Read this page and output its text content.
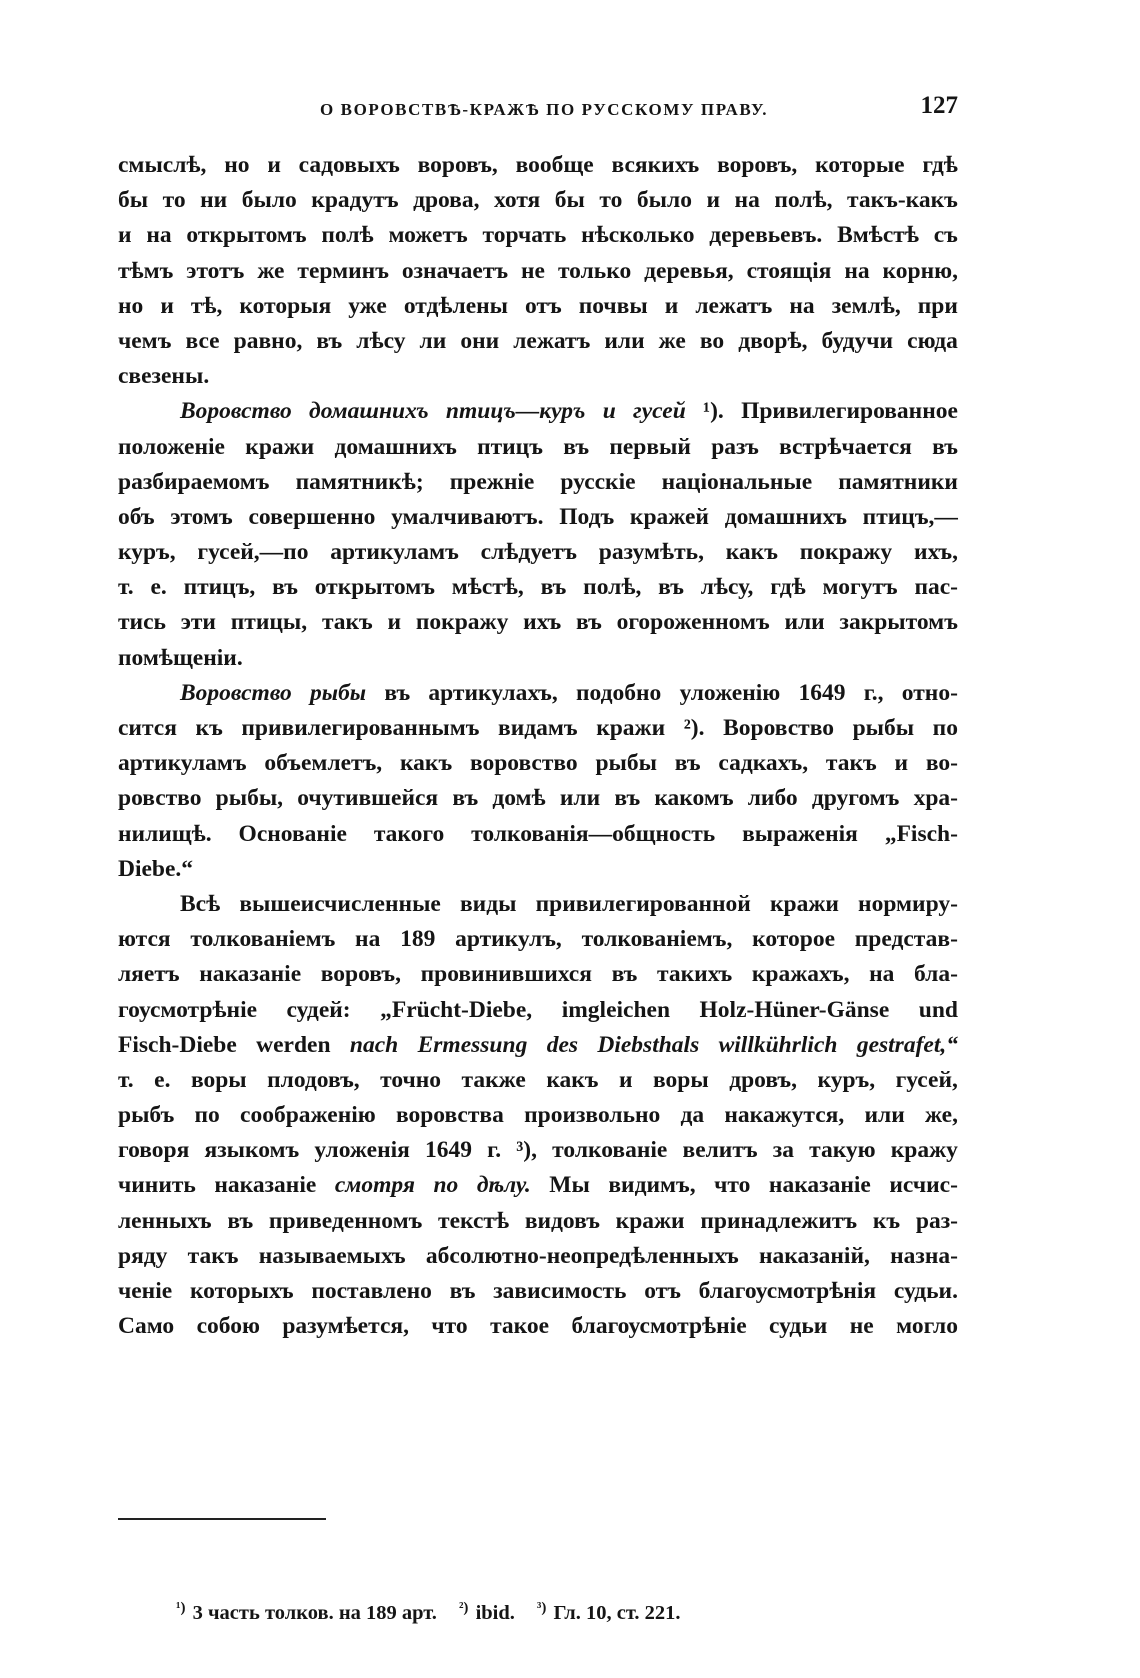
О ВОРОВСТВѢ-КРАЖѢ ПО РУССКОМУ ПРАВУ.	127
смыслѣ, но и садовыхъ воровъ, вообще всякихъ воровъ, которые гдѣ
бы то ни было крадутъ дрова, хотя бы то было и на полѣ, такъ-какъ
и на открытомъ полѣ можетъ торчать нѣсколько деревьевъ. Вмѣстѣ съ
тѣмъ этотъ же терминъ означаетъ не только деревья, стоящія на корню,
но и тѣ, которыя уже отдѣлены отъ почвы и лежатъ на землѣ, при
чемъ все равно, въ лѣсу ли они лежатъ или же во дворѣ, будучи сюда
свезены.
Воровство домашнихъ птицъ—куръ и гусей ¹). Привилегированное
положеніе кражи домашнихъ птицъ въ первый разъ встрѣчается въ
разбираемомъ памятникѣ; прежніе русскіе національные памятники
объ этомъ совершенно умалчиваютъ. Подъ кражей домашнихъ птицъ,—
куръ, гусей,—по артикуламъ слѣдуетъ разумѣть, какъ покражу ихъ,
т. е. птицъ, въ открытомъ мѣстѣ, въ полѣ, въ лѣсу, гдѣ могутъ пас-
тись эти птицы, такъ и покражу ихъ въ огороженномъ или закрытомъ
помѣщеніи.
Воровство рыбы въ артикулахъ, подобно уложенію 1649 г., отно-
сится къ привилегированнымъ видамъ кражи ²). Воровство рыбы по
артикуламъ объемлетъ, какъ воровство рыбы въ садкахъ, такъ и во-
ровство рыбы, очутившейся въ домѣ или въ какомъ либо другомъ хра-
нилищѣ. Основаніе такого толкованія—общность выраженія „Fisch-
Diebe.“
Всѣ вышеисчисленные виды привилегированной кражи нормиру-
ются толкованіемъ на 189 артикулъ, толкованіемъ, которое представ-
ляетъ наказаніе воровъ, провинившихся въ такихъ кражахъ, на бла-
гоусмотрѣніе судей: „Frücht-Diebe, imgleichen Holz-Hüner-Gänse und
Fisch-Diebe werden nach Ermessung des Diebsthals willkührlich gestrafet,“
т. е. воры плодовъ, точно также какъ и воры дровъ, куръ, гусей,
рыбъ по соображенію воровства произвольно да накажутся, или же,
говоря языкомъ уложенія 1649 г. ³), толкованіе велитъ за такую кражу
чинить наказаніе смотря по дѣлу. Мы видимъ, что наказаніе исчис-
ленныхъ въ приведенномъ текстѣ видовъ кражи принадлежитъ къ раз-
ряду такъ называемыхъ абсолютно-неопредѣленныхъ наказаній, назна-
ченіе которыхъ поставлено въ зависимость отъ благоусмотрѣнія судьи.
Само собою разумѣется, что такое благоусмотрѣніе судьи не могло
$^{^1)}$ 3 часть толков. на 189 арт. $^{^2)}$ ibid. $^{^3)}$ Гл. 10, ст. 221.
